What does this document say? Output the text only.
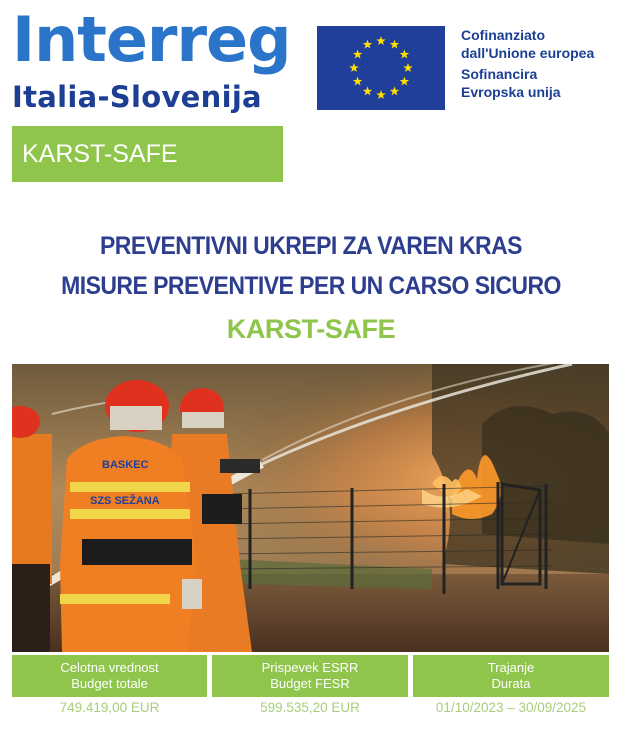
Interreg
Italia-Slovenija
Cofinanziato
dall'Unione europea
Sofinancira
Evropska unija
KARST-SAFE
PREVENTIVNI UKREPI ZA VAREN KRAS
MISURE PREVENTIVE PER UN CARSO SICURO
KARST-SAFE
BASKEC
SZS SEŽANA
Celotna vrednost
Budget totale
749.419,00 EUR
Prispevek ESRR
Budget FESR
599.535,20 EUR
Trajanje
Durata
01/10/2023 – 30/09/2025
